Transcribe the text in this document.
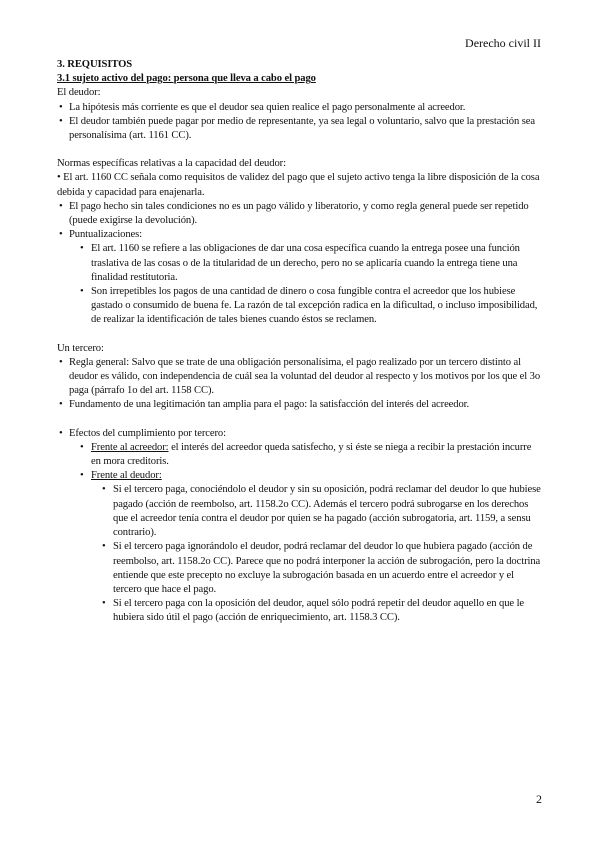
Derecho civil II

3. REQUISITOS

3.1 sujeto activo del pago: persona que lleva a cabo el pago

El deudor:

• La hipótesis más corriente es que el deudor sea quien realice el pago personalmente al acreedor.
• El deudor también puede pagar por medio de representante, ya sea legal o voluntario, salvo que la prestación sea personalísima (art. 1161 CC).

Normas específicas relativas a la capacidad del deudor:

• El art. 1160 CC señala como requisitos de validez del pago que el sujeto activo tenga la libre disposición de la cosa debida y capacidad para enajenarla.

• El pago hecho sin tales condiciones no es un pago válido y liberatorio, y como regla general puede ser repetido (puede exigirse la devolución).
• Puntualizaciones:
• El art. 1160 se refiere a las obligaciones de dar una cosa específica cuando la entrega posee una función traslativa de las cosas o de la titularidad de un derecho, pero no se aplicaría cuando la entrega tiene una finalidad restitutoria.
• Son irrepetibles los pagos de una cantidad de dinero o cosa fungible contra el acreedor que los hubiese gastado o consumido de buena fe. La razón de tal excepción radica en la dificultad, o incluso imposibilidad, de realizar la identificación de tales bienes cuando éstos se reclamen.

Un tercero:

• Regla general: Salvo que se trate de una obligación personalísima, el pago realizado por un tercero distinto al deudor es válido, con independencia de cuál sea la voluntad del deudor al respecto y los motivos por los que el 3o paga (párrafo 1o del art. 1158 CC).
• Fundamento de una legitimación tan amplia para el pago: la satisfacción del interés del acreedor.
• Efectos del cumplimiento por tercero:
• Frente al acreedor: el interés del acreedor queda satisfecho, y si éste se niega a recibir la prestación incurre en mora creditoris.
• Frente al deudor:
• Si el tercero paga, conociéndolo el deudor y sin su oposición, podrá reclamar del deudor lo que hubiese pagado (acción de reembolso, art. 1158.2o CC). Además el tercero podrá subrogarse en los derechos que el acreedor tenía contra el deudor por quien se ha pagado (acción subrogatoria, art. 1159, a sensu contrario).
• Si el tercero paga ignorándolo el deudor, podrá reclamar del deudor lo que hubiera pagado (acción de reembolso, art. 1158.2o CC). Parece que no podrá interponer la acción de subrogación, pero la doctrina entiende que este precepto no excluye la subrogación basada en un acuerdo entre el acreedor y el tercero que hace el pago.
• Si el tercero paga con la oposición del deudor, aquel sólo podrá repetir del deudor aquello en que le hubiera sido útil el pago (acción de enriquecimiento, art. 1158.3 CC).
2
